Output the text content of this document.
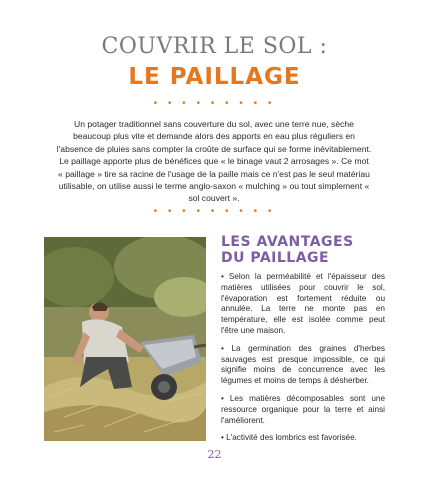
COUVRIR LE SOL :
LE PAILLAGE
• • • • • • • • •
Un potager traditionnel sans couverture du sol, avec une terre nue, sèche beaucoup plus vite et demande alors des apports en eau plus réguliers en l'absence de pluies sans compter la croûte de surface qui se forme inévitablement. Le paillage apporte plus de bénéfices que « le binage vaut 2 arrosages ». Ce mot « paillage » tire sa racine de l'usage de la paille mais ce n'est pas le seul matériau utilisable, on utilise aussi le terme anglo-saxon « mulching » ou tout simplement « sol couvert ».
• • • • • • • • •
LES AVANTAGES
DU PAILLAGE

• Selon la perméabilité et l'épaisseur des matières utilisées pour couvrir le sol, l'évaporation est fortement réduite ou annulée. La terre ne monte pas en température, elle est isolée comme peut l'être une maison.

• La germination des graines d'herbes sauvages est presque impossible, ce qui signifie moins de concurrence avec les légumes et moins de temps à désherber.

• Les matières décomposables sont une ressource organique pour la terre et ainsi l'améliorent.

• L'activité des lombrics est favorisée.

22
